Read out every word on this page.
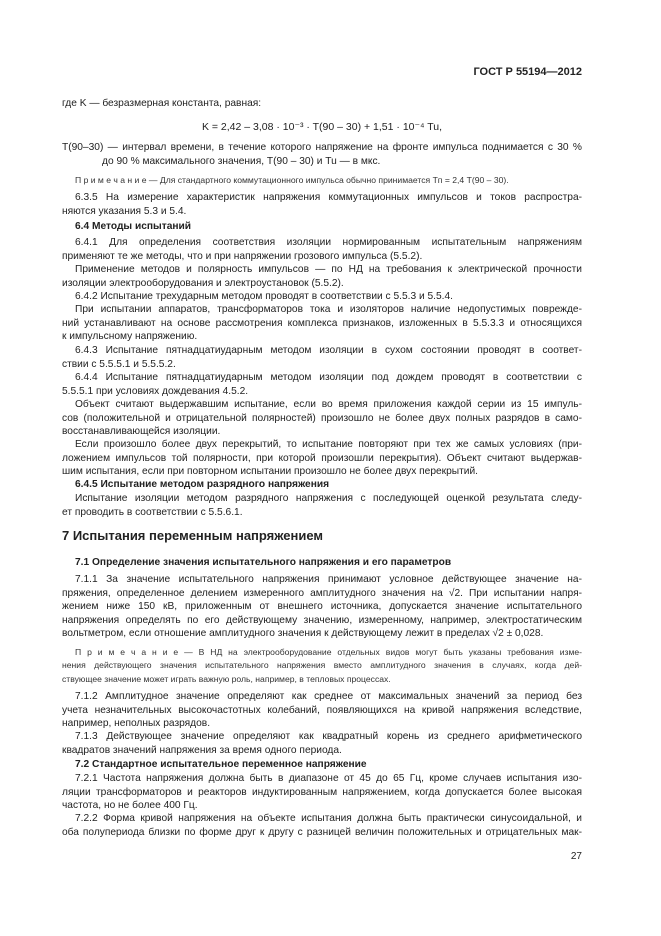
ГОСТ Р 55194—2012
где K — безразмерная константа, равная:
K = 2,42 – 3,08 · 10⁻³ · T(90 – 30) + 1,51 · 10⁻⁴ Tu,
T(90–30) — интервал времени, в течение которого напряжение на фронте импульса поднимается с 30 %
до 90 % максимального значения, T(90 – 30) и Tu — в мкс.
П р и м е ч а н и е — Для стандартного коммутационного импульса обычно принимается Tп = 2,4 T(90 – 30).
6.3.5 На измерение характеристик напряжения коммутационных импульсов и токов распростра-
няются указания 5.3 и 5.4.
6.4 Методы испытаний
6.4.1 Для определения соответствия изоляции нормированным испытательным напряжениям
применяют те же методы, что и при напряжении грозового импульса (5.5.2).
Применение методов и полярность импульсов — по НД на требования к электрической прочности
изоляции электрооборудования и электроустановок (5.5.2).
6.4.2 Испытание трехударным методом проводят в соответствии с 5.5.3 и 5.5.4.
При испытании аппаратов, трансформаторов тока и изоляторов наличие недопустимых поврежде-
ний устанавливают на основе рассмотрения комплекса признаков, изложенных в 5.5.3.3 и относящихся
к импульсному напряжению.
6.4.3 Испытание пятнадцатиударным методом изоляции в сухом состоянии проводят в соответ-
ствии с 5.5.5.1 и 5.5.5.2.
6.4.4 Испытание пятнадцатиударным методом изоляции под дождем проводят в соответствии с
5.5.5.1 при условиях дождевания 4.5.2.
Объект считают выдержавшим испытание, если во время приложения каждой серии из 15 импуль-
сов (положительной и отрицательной полярностей) произошло не более двух полных разрядов в само-
восстанавливающейся изоляции.
Если произошло более двух перекрытий, то испытание повторяют при тех же самых условиях (при-
ложением импульсов той полярности, при которой произошли перекрытия). Объект считают выдержав-
шим испытания, если при повторном испытании произошло не более двух перекрытий.
6.4.5 Испытание методом разрядного напряжения
Испытание изоляции методом разрядного напряжения с последующей оценкой результата следу-
ет проводить в соответствии с 5.5.6.1.
7 Испытания переменным напряжением
7.1 Определение значения испытательного напряжения и его параметров
7.1.1 За значение испытательного напряжения принимают условное действующее значение на-
пряжения, определенное делением измеренного амплитудного значения на √2. При испытании напря-
жением ниже 150 кВ, приложенным от внешнего источника, допускается значение испытательного
напряжения определять по его действующему значению, измеренному, например, электростатическим
вольтметром, если отношение амплитудного значения к действующему лежит в пределах √2 ± 0,028.
П р и м е ч а н и е — В НД на электрооборудование отдельных видов могут быть указаны требования изме-
нения действующего значения испытательного напряжения вместо амплитудного значения в случаях, когда дей-
ствующее значение может играть важную роль, например, в тепловых процессах.
7.1.2 Амплитудное значение определяют как среднее от максимальных значений за период без
учета незначительных высокочастотных колебаний, появляющихся на кривой напряжения вследствие,
например, неполных разрядов.
7.1.3 Действующее значение определяют как квадратный корень из среднего арифметического
квадратов значений напряжения за время одного периода.
7.2 Стандартное испытательное переменное напряжение
7.2.1 Частота напряжения должна быть в диапазоне от 45 до 65 Гц, кроме случаев испытания изо-
ляции трансформаторов и реакторов индуктированным напряжением, когда допускается более высокая
частота, но не более 400 Гц.
7.2.2 Форма кривой напряжения на объекте испытания должна быть практически синусоидальной, и
оба полупериода близки по форме друг к другу с разницей величин положительных и отрицательных мак-
27
